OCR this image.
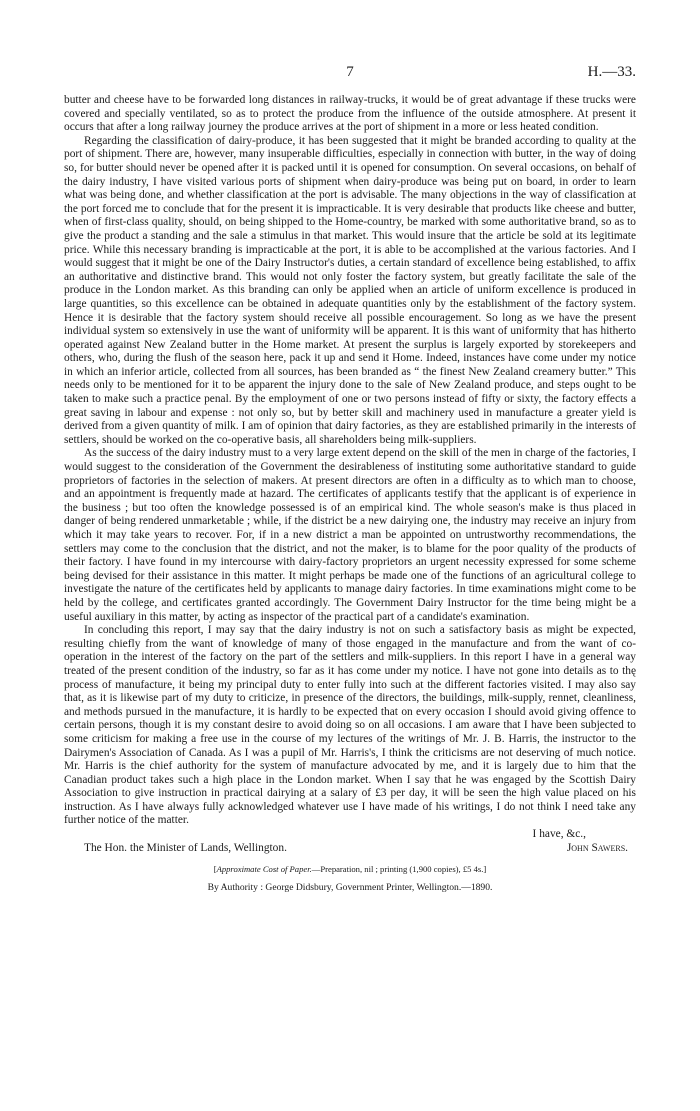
7	H.—33.

butter and cheese have to be forwarded long distances in railway-trucks, it would be of great advantage if these trucks were covered and specially ventilated, so as to protect the produce from the influence of the outside atmosphere. At present it occurs that after a long railway journey the produce arrives at the port of shipment in a more or less heated condition.

Regarding the classification of dairy-produce, it has been suggested that it might be branded according to quality at the port of shipment. There are, however, many insuperable difficulties, especially in connection with butter, in the way of doing so, for butter should never be opened after it is packed until it is opened for consumption. On several occasions, on behalf of the dairy industry, I have visited various ports of shipment when dairy-produce was being put on board, in order to learn what was being done, and whether classification at the port is advisable. The many objections in the way of classification at the port forced me to conclude that for the present it is impracticable. It is very desirable that products like cheese and butter, when of first-class quality, should, on being shipped to the Home-country, be marked with some authoritative brand, so as to give the product a standing and the sale a stimulus in that market. This would insure that the article be sold at its legitimate price. While this necessary branding is impracticable at the port, it is able to be accomplished at the various factories. And I would suggest that it might be one of the Dairy Instructor's duties, a certain standard of excellence being established, to affix an authoritative and distinctive brand. This would not only foster the factory system, but greatly facilitate the sale of the produce in the London market. As this branding can only be applied when an article of uniform excellence is produced in large quantities, so this excellence can be obtained in adequate quantities only by the establishment of the factory system. Hence it is desirable that the factory system should receive all possible encouragement. So long as we have the present individual system so extensively in use the want of uniformity will be apparent. It is this want of uniformity that has hitherto operated against New Zealand butter in the Home market. At present the surplus is largely exported by storekeepers and others, who, during the flush of the season here, pack it up and send it Home. Indeed, instances have come under my notice in which an inferior article, collected from all sources, has been branded as “ the finest New Zealand creamery butter.” This needs only to be mentioned for it to be apparent the injury done to the sale of New Zealand produce, and steps ought to be taken to make such a practice penal. By the employment of one or two persons instead of fifty or sixty, the factory effects a great saving in labour and expense : not only so, but by better skill and machinery used in manufacture a greater yield is derived from a given quantity of milk. I am of opinion that dairy factories, as they are established primarily in the interests of settlers, should be worked on the co-operative basis, all shareholders being milk-suppliers.

As the success of the dairy industry must to a very large extent depend on the skill of the men in charge of the factories, I would suggest to the consideration of the Government the desirableness of instituting some authoritative standard to guide proprietors of factories in the selection of makers. At present directors are often in a difficulty as to which man to choose, and an appointment is frequently made at hazard. The certificates of applicants testify that the applicant is of experience in the business ; but too often the knowledge possessed is of an empirical kind. The whole season's make is thus placed in danger of being rendered unmarketable ; while, if the district be a new dairying one, the industry may receive an injury from which it may take years to recover. For, if in a new district a man be appointed on untrustworthy recommendations, the settlers may come to the conclusion that the district, and not the maker, is to blame for the poor quality of the products of their factory. I have found in my intercourse with dairy-factory proprietors an urgent necessity expressed for some scheme being devised for their assistance in this matter. It might perhaps be made one of the functions of an agricultural college to investigate the nature of the certificates held by applicants to manage dairy factories. In time examinations might come to be held by the college, and certificates granted accordingly. The Government Dairy Instructor for the time being might be a useful auxiliary in this matter, by acting as inspector of the practical part of a candidate's examination.

In concluding this report, I may say that the dairy industry is not on such a satisfactory basis as might be expected, resulting chiefly from the want of knowledge of many of those engaged in the manufacture and from the want of co-operation in the interest of the factory on the part of the settlers and milk-suppliers. In this report I have in a general way treated of the present condition of the industry, so far as it has come under my notice. I have not gone into details as to thę process of manufacture, it being my principal duty to enter fully into such at the different factories visited. I may also say that, as it is likewise part of my duty to criticize, in presence of the directors, the buildings, milk-supply, rennet, cleanliness, and methods pursued in the manufacture, it is hardly to be expected that on every occasion I should avoid giving offence to certain persons, though it is my constant desire to avoid doing so on all occasions. I am aware that I have been subjected to some criticism for making a free use in the course of my lectures of the writings of Mr. J. B. Harris, the instructor to the Dairymen's Association of Canada. As I was a pupil of Mr. Harris's, I think the criticisms are not deserving of much notice. Mr. Harris is the chief authority for the system of manufacture advocated by me, and it is largely due to him that the Canadian product takes such a high place in the London market. When I say that he was engaged by the Scottish Dairy Association to give instruction in practical dairying at a salary of £3 per day, it will be seen the high value placed on his instruction. As I have always fully acknowledged whatever use I have made of his writings, I do not think I need take any further notice of the matter.

I have, &c.,
The Hon. the Minister of Lands, Wellington.	John Sawers.
[Approximate Cost of Paper.—Preparation, nil ; printing (1,900 copies), £5 4s.]
By Authority : George Didsbury, Government Printer, Wellington.—1890.
